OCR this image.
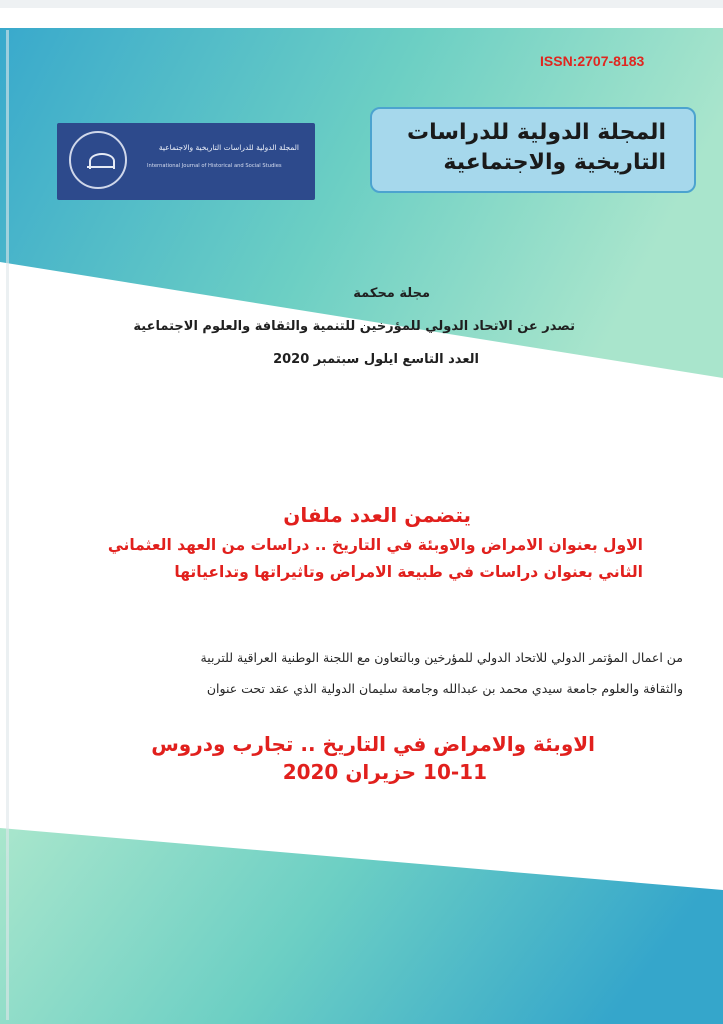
ISSN:2707-8183
المجلة الدولية للدراسات التاريخية والاجتماعية
International Journal of Historical and Social Studies
المجلة الدولية للدراسات
التاريخية والاجتماعية
مجلة محكمة
تصدر عن الاتحاد الدولي للمؤرخين للتنمية والثقافة والعلوم الاجتماعية
العدد التاسع ايلول سبتمبر 2020
يتضمن العدد ملفان
الاول بعنوان الامراض والاوبئة في التاريخ .. دراسات من العهد العثماني
الثاني بعنوان دراسات في طبيعة الامراض وتاثيراتها وتداعياتها
من اعمال المؤتمر الدولي للاتحاد الدولي للمؤرخين وبالتعاون مع اللجنة الوطنية العراقية للتربية
والثقافة والعلوم جامعة سيدي محمد بن عبدالله وجامعة سليمان الدولية الذي عقد تحت عنوان
الاوبئة والامراض في التاريخ .. تجارب ودروس
10-11 حزيران 2020
